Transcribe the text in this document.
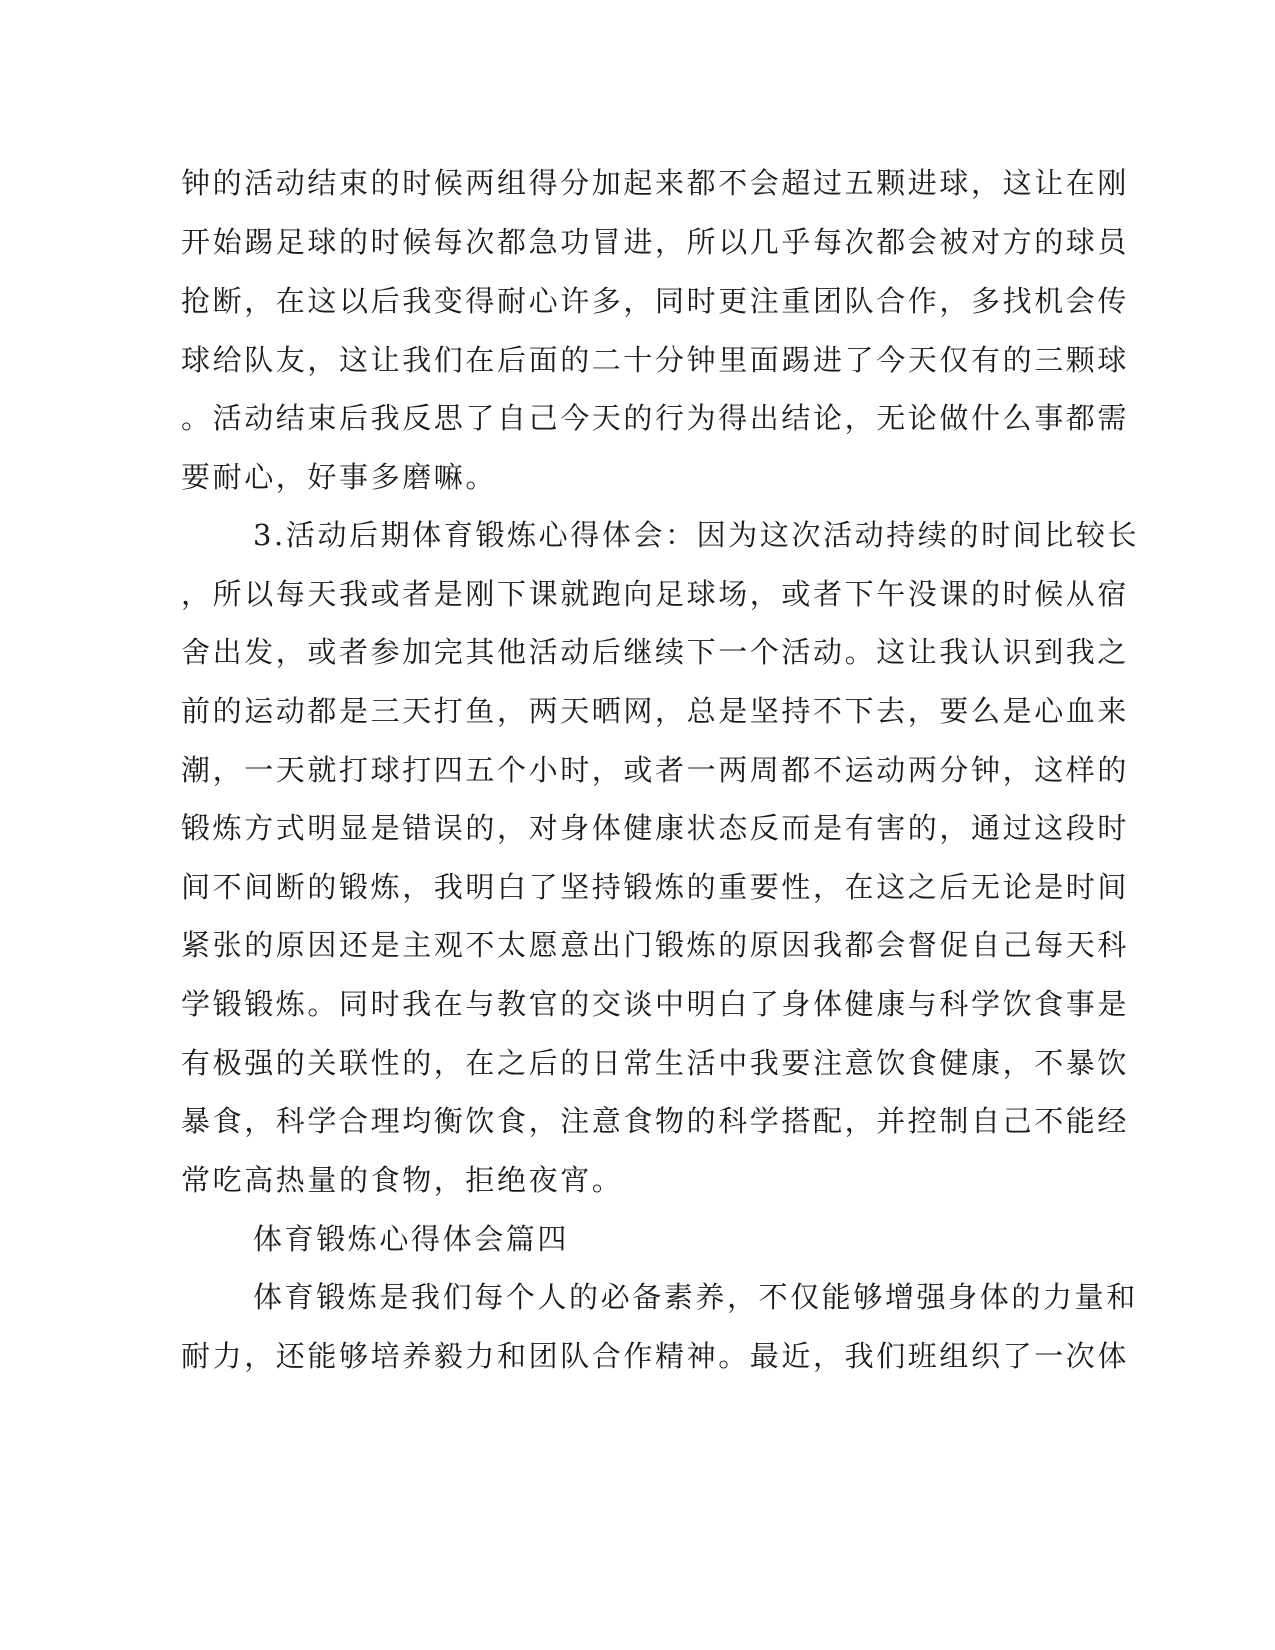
钟的活动结束的时候两组得分加起来都不会超过五颗进球，这让在刚
开始踢足球的时候每次都急功冒进，所以几乎每次都会被对方的球员
抢断，在这以后我变得耐心许多，同时更注重团队合作，多找机会传
球给队友，这让我们在后面的二十分钟里面踢进了今天仅有的三颗球
。活动结束后我反思了自己今天的行为得出结论，无论做什么事都需
要耐心，好事多磨嘛。
3.活动后期体育锻炼心得体会：因为这次活动持续的时间比较长
，所以每天我或者是刚下课就跑向足球场，或者下午没课的时候从宿
舍出发，或者参加完其他活动后继续下一个活动。这让我认识到我之
前的运动都是三天打鱼，两天晒网，总是坚持不下去，要么是心血来
潮，一天就打球打四五个小时，或者一两周都不运动两分钟，这样的
锻炼方式明显是错误的，对身体健康状态反而是有害的，通过这段时
间不间断的锻炼，我明白了坚持锻炼的重要性，在这之后无论是时间
紧张的原因还是主观不太愿意出门锻炼的原因我都会督促自己每天科
学锻锻炼。同时我在与教官的交谈中明白了身体健康与科学饮食事是
有极强的关联性的，在之后的日常生活中我要注意饮食健康，不暴饮
暴食，科学合理均衡饮食，注意食物的科学搭配，并控制自己不能经
常吃高热量的食物，拒绝夜宵。
体育锻炼心得体会篇四
体育锻炼是我们每个人的必备素养，不仅能够增强身体的力量和
耐力，还能够培养毅力和团队合作精神。最近，我们班组织了一次体
